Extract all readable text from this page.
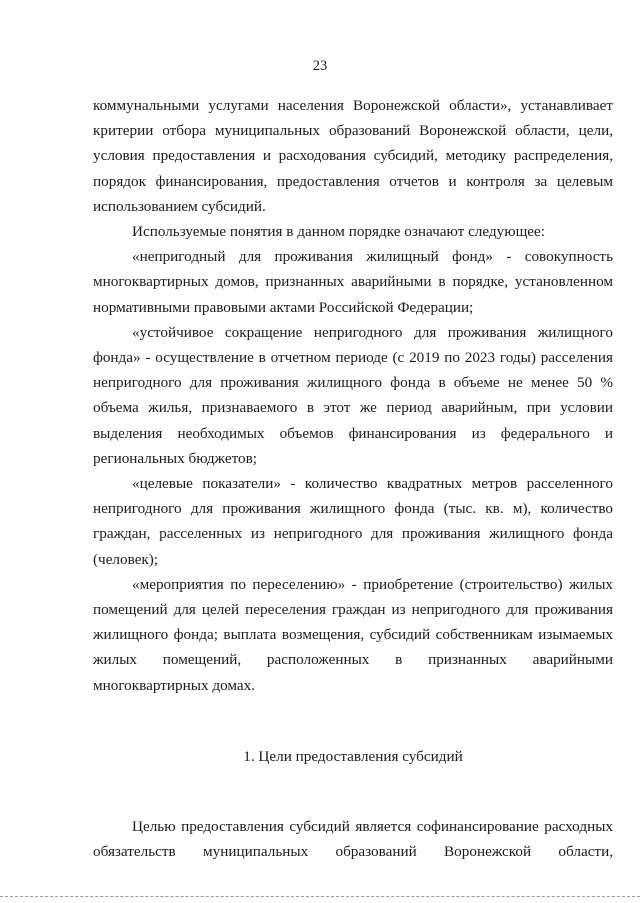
23

коммунальными услугами населения Воронежской области», устанавливает критерии отбора муниципальных образований Воронежской области, цели, условия предоставления и расходования субсидий, методику распределения, порядок финансирования, предоставления отчетов и контроля за целевым использованием субсидий.

Используемые понятия в данном порядке означают следующее:

«непригодный для проживания жилищный фонд» - совокупность многоквартирных домов, признанных аварийными в порядке, установленном нормативными правовыми актами Российской Федерации;

«устойчивое сокращение непригодного для проживания жилищного фонда» - осуществление в отчетном периоде (с 2019 по 2023 годы) расселения непригодного для проживания жилищного фонда в объеме не менее 50 % объема жилья, признаваемого в этот же период аварийным, при условии выделения необходимых объемов финансирования из федерального и региональных бюджетов;

«целевые показатели» - количество квадратных метров расселенного непригодного для проживания жилищного фонда (тыс. кв. м), количество граждан, расселенных из непригодного для проживания жилищного фонда (человек);

«мероприятия по переселению» - приобретение (строительство) жилых помещений для целей переселения граждан из непригодного для проживания жилищного фонда; выплата возмещения, субсидий собственникам изымаемых жилых помещений, расположенных в признанных аварийными многоквартирных домах.

1. Цели предоставления субсидий

Целью предоставления субсидий является софинансирование расходных обязательств муниципальных образований Воронежской области,
